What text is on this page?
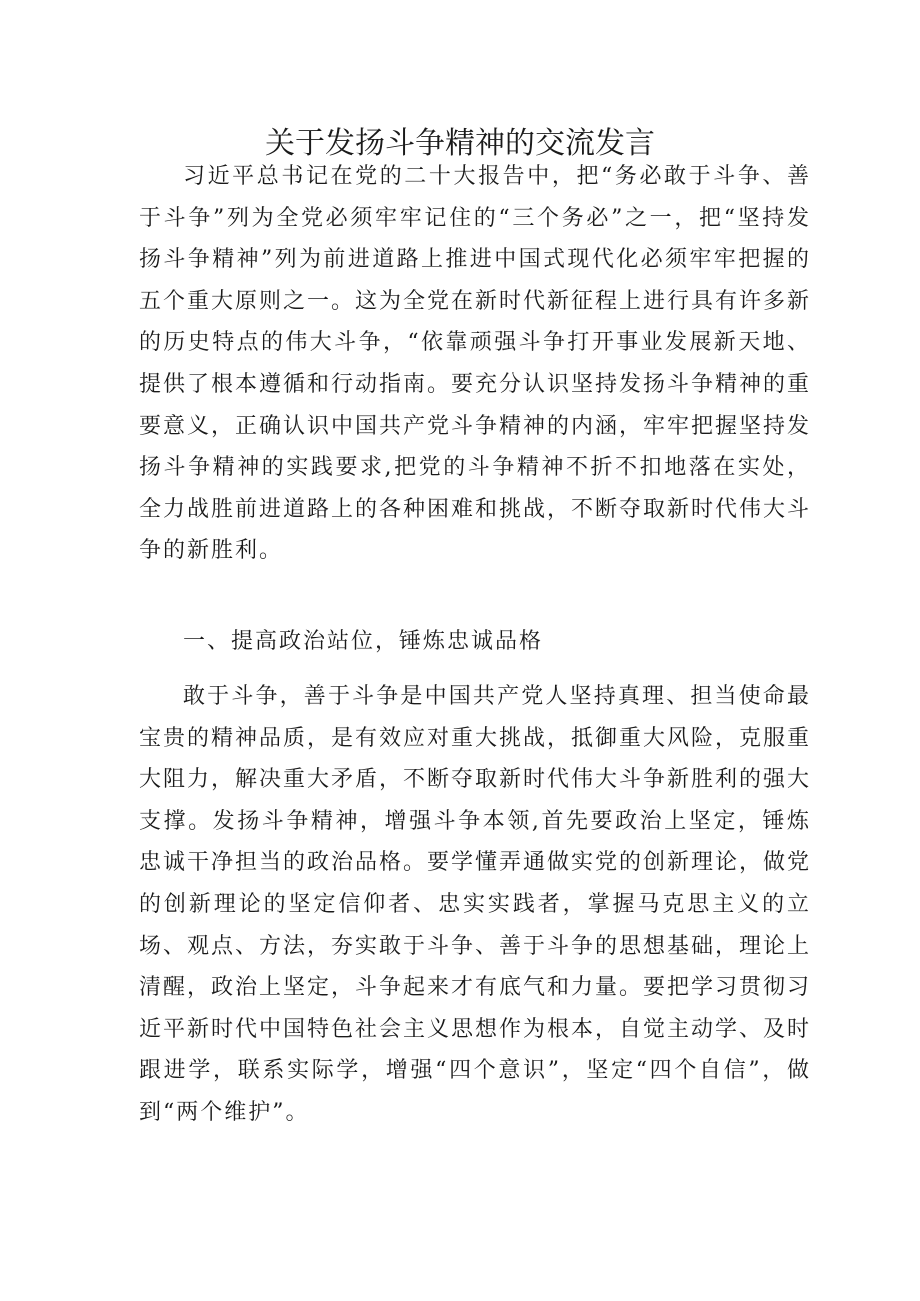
关于发扬斗争精神的交流发言

习近平总书记在党的二十大报告中，把“务必敢于斗争、善于斗争”列为全党必须牢牢记住的“三个务必”之一，把“坚持发扬斗争精神”列为前进道路上推进中国式现代化必须牢牢把握的五个重大原则之一。这为全党在新时代新征程上进行具有许多新的历史特点的伟大斗争，“依靠顽强斗争打开事业发展新天地、提供了根本遵循和行动指南。要充分认识坚持发扬斗争精神的重要意义，正确认识中国共产党斗争精神的内涵，牢牢把握坚持发扬斗争精神的实践要求,把党的斗争精神不折不扣地落在实处，全力战胜前进道路上的各种困难和挑战，不断夺取新时代伟大斗争的新胜利。

一、提高政治站位，锤炼忠诚品格

敢于斗争，善于斗争是中国共产党人坚持真理、担当使命最宝贵的精神品质，是有效应对重大挑战，抵御重大风险，克服重大阻力，解决重大矛盾，不断夺取新时代伟大斗争新胜利的强大支撑。发扬斗争精神，增强斗争本领,首先要政治上坚定，锤炼忠诚干净担当的政治品格。要学懂弄通做实党的创新理论，做党的创新理论的坚定信仰者、忠实实践者，掌握马克思主义的立场、观点、方法，夯实敢于斗争、善于斗争的思想基础，理论上清醒，政治上坚定，斗争起来才有底气和力量。要把学习贯彻习近平新时代中国特色社会主义思想作为根本，自觉主动学、及时跟进学，联系实际学，增强“四个意识”，坚定“四个自信”，做到“两个维护”。
